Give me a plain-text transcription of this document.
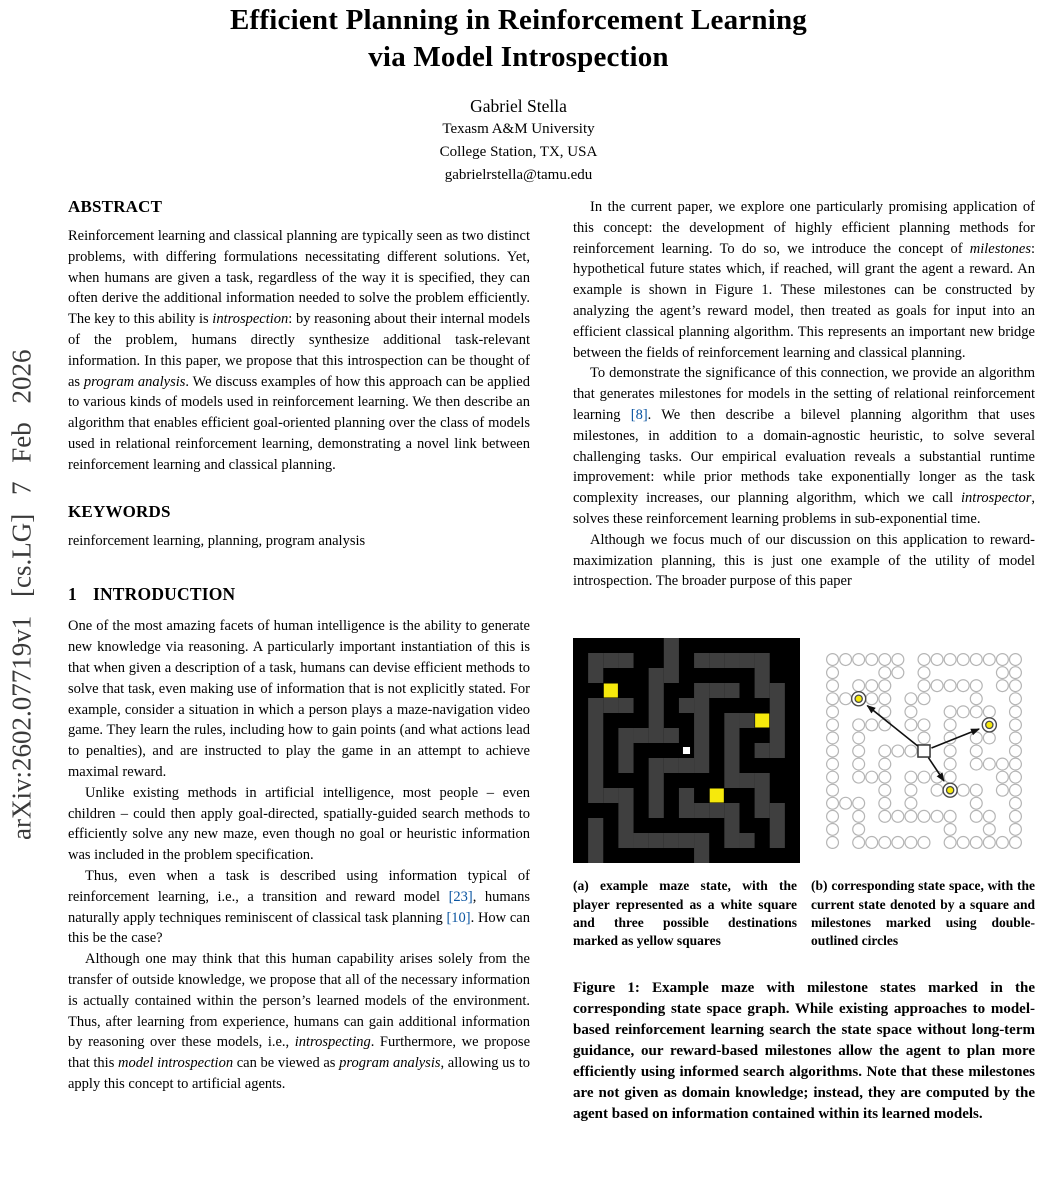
arXiv:2602.07719v1 [cs.LG] 7 Feb 2026
Efficient Planning in Reinforcement Learning
via Model Introspection
Gabriel Stella
Texasm A&M University
College Station, TX, USA
gabrielrstella@tamu.edu
ABSTRACT

Reinforcement learning and classical planning are typically seen as two distinct problems, with differing formulations necessitating different solutions. Yet, when humans are given a task, regardless of the way it is specified, they can often derive the additional information needed to solve the problem efficiently. The key to this ability is introspection: by reasoning about their internal models of the problem, humans directly synthesize additional task-relevant information. In this paper, we propose that this introspection can be thought of as program analysis. We discuss examples of how this approach can be applied to various kinds of models used in reinforcement learning. We then describe an algorithm that enables efficient goal-oriented planning over the class of models used in relational reinforcement learning, demonstrating a novel link between reinforcement learning and classical planning.

KEYWORDS

reinforcement learning, planning, program analysis

1 INTRODUCTION

One of the most amazing facets of human intelligence is the ability to generate new knowledge via reasoning. A particularly important instantiation of this is that when given a description of a task, humans can devise efficient methods to solve that task, even making use of information that is not explicitly stated. For example, consider a situation in which a person plays a maze-navigation video game. They learn the rules, including how to gain points (and what actions lead to penalties), and are instructed to play the game in an attempt to achieve maximal reward.

Unlike existing methods in artificial intelligence, most people – even children – could then apply goal-directed, spatially-guided search methods to efficiently solve any new maze, even though no goal or heuristic information was included in the problem specification.

Thus, even when a task is described using information typical of reinforcement learning, i.e., a transition and reward model [23], humans naturally apply techniques reminiscent of classical task planning [10]. How can this be the case?

Although one may think that this human capability arises solely from the transfer of outside knowledge, we propose that all of the necessary information is actually contained within the person’s learned models of the environment. Thus, after learning from experience, humans can gain additional information by reasoning over these models, i.e., introspecting. Furthermore, we propose that this model introspection can be viewed as program analysis, allowing us to apply this concept to artificial agents.

In the current paper, we explore one particularly promising application of this concept: the development of highly efficient planning methods for reinforcement learning. To do so, we introduce the concept of milestones: hypothetical future states which, if reached, will grant the agent a reward. An example is shown in Figure 1. These milestones can be constructed by analyzing the agent’s reward model, then treated as goals for input into an efficient classical planning algorithm. This represents an important new bridge between the fields of reinforcement learning and classical planning.

To demonstrate the significance of this connection, we provide an algorithm that generates milestones for models in the setting of relational reinforcement learning [8]. We then describe a bilevel planning algorithm that uses milestones, in addition to a domain-agnostic heuristic, to solve several challenging tasks. Our empirical evaluation reveals a substantial runtime improvement: while prior methods take exponentially longer as the task complexity increases, our planning algorithm, which we call introspector, solves these reinforcement learning problems in sub-exponential time.

Although we focus much of our discussion on this application to reward-maximization planning, this is just one example of the utility of model introspection. The broader purpose of this paper

(a) example maze state, with the player represented as a white square and three possible destinations marked as yellow squares
(b) corresponding state space, with the current state denoted by a square and milestones marked using double-outlined circles
Figure 1: Example maze with milestone states marked in the corresponding state space graph. While existing approaches to model-based reinforcement learning search the state space without long-term guidance, our reward-based milestones allow the agent to plan more efficiently using informed search algorithms. Note that these milestones are not given as domain knowledge; instead, they are computed by the agent based on information contained within its learned models.
